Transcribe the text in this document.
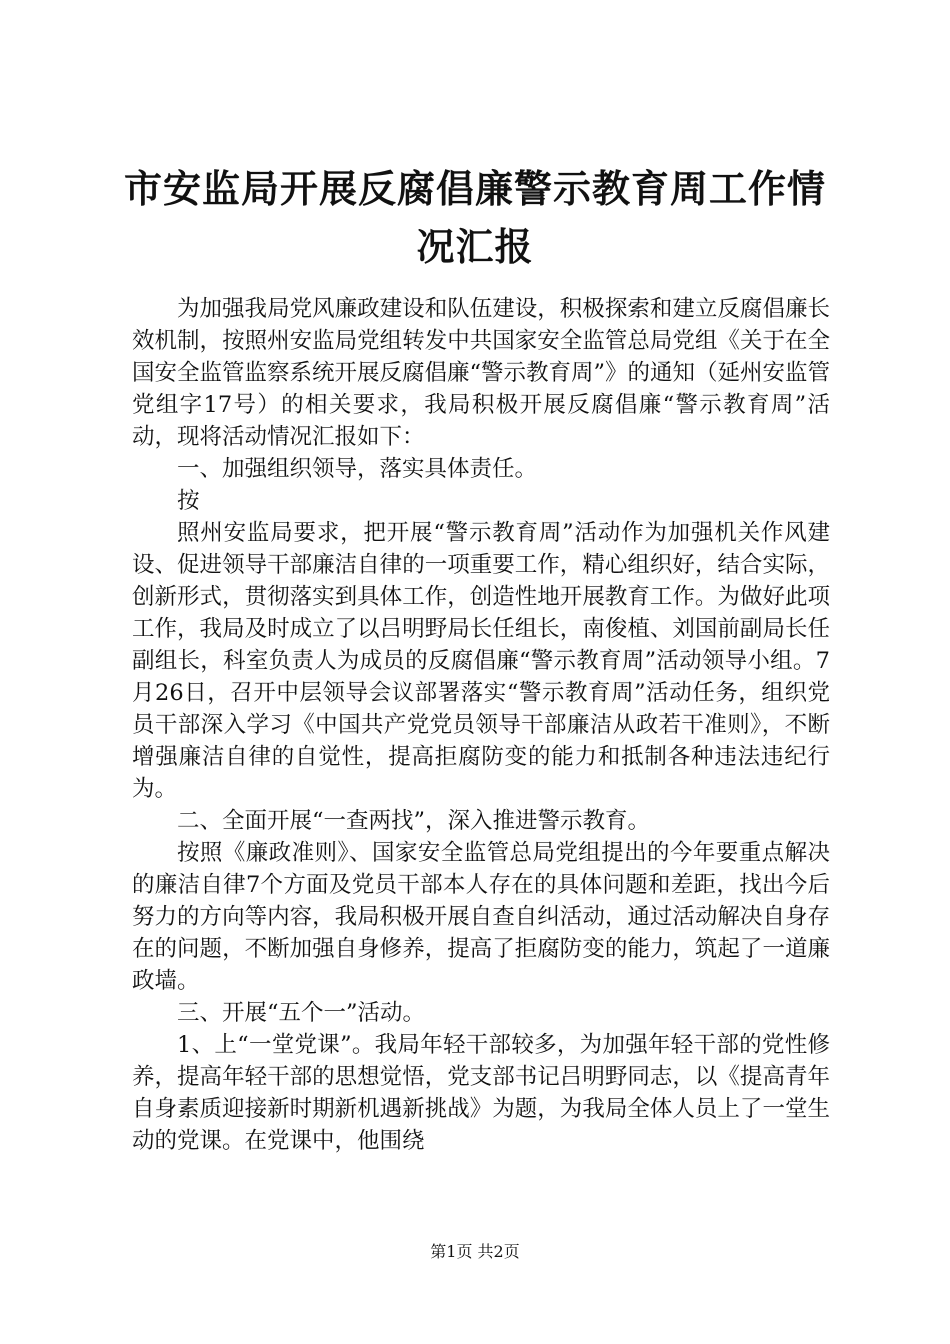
市安监局开展反腐倡廉警示教育周工作情况汇报

为加强我局党风廉政建设和队伍建设，积极探索和建立反腐倡廉长效机制，按照州安监局党组转发中共国家安全监管总局党组《关于在全国安全监管监察系统开展反腐倡廉“警示教育周”》的通知（延州安监管党组字17号）的相关要求，我局积极开展反腐倡廉“警示教育周”活动，现将活动情况汇报如下：

一、加强组织领导，落实具体责任。

按

照州安监局要求，把开展“警示教育周”活动作为加强机关作风建设、促进领导干部廉洁自律的一项重要工作，精心组织好，结合实际，创新形式，贯彻落实到具体工作，创造性地开展教育工作。为做好此项工作，我局及时成立了以吕明野局长任组长，南俊植、刘国前副局长任副组长，科室负责人为成员的反腐倡廉“警示教育周”活动领导小组。7月26日，召开中层领导会议部署落实“警示教育周”活动任务，组织党员干部深入学习《中国共产党党员领导干部廉洁从政若干准则》，不断增强廉洁自律的自觉性，提高拒腐防变的能力和抵制各种违法违纪行为。

二、全面开展“一查两找”，深入推进警示教育。

按照《廉政准则》、国家安全监管总局党组提出的今年要重点解决的廉洁自律7个方面及党员干部本人存在的具体问题和差距，找出今后努力的方向等内容，我局积极开展自查自纠活动，通过活动解决自身存在的问题，不断加强自身修养，提高了拒腐防变的能力，筑起了一道廉政墙。

三、开展“五个一”活动。

1、上“一堂党课”。我局年轻干部较多，为加强年轻干部的党性修养，提高年轻干部的思想觉悟，党支部书记吕明野同志，以《提高青年自身素质迎接新时期新机遇新挑战》为题，为我局全体人员上了一堂生动的党课。在党课中，他围绕

第1页 共2页
